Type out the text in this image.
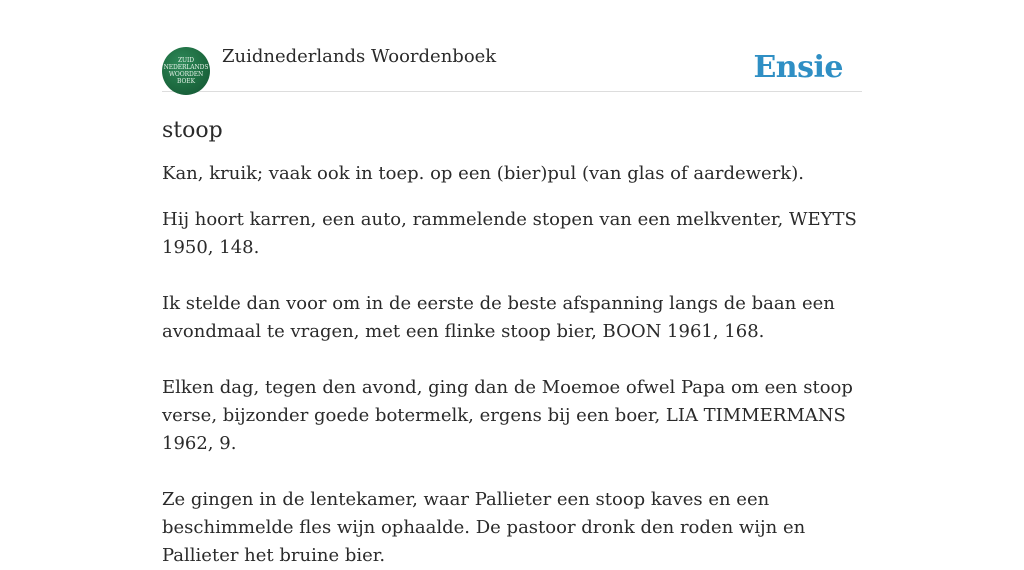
ZUID
NEDERLANDS
WOORDEN
BOEK
Zuidnederlands Woordenboek	Ensie
stoop

Kan, kruik; vaak ook in toep. op een (bier)pul (van glas of aardewerk).

Hij hoort karren, een auto, rammelende stopen van een melkventer, WEYTS 1950, 148.

Ik stelde dan voor om in de eerste de beste afspanning langs de baan een avondmaal te vragen, met een flinke stoop bier, BOON 1961, 168.

Elken dag, tegen den avond, ging dan de Moemoe ofwel Papa om een stoop verse, bijzonder goede botermelk, ergens bij een boer, LIA TIMMERMANS 1962, 9.

Ze gingen in de lentekamer, waar Pallieter een stoop kaves en een beschimmelde fles wijn ophaalde. De pastoor dronk den roden wijn en Pallieter het bruine bier.
